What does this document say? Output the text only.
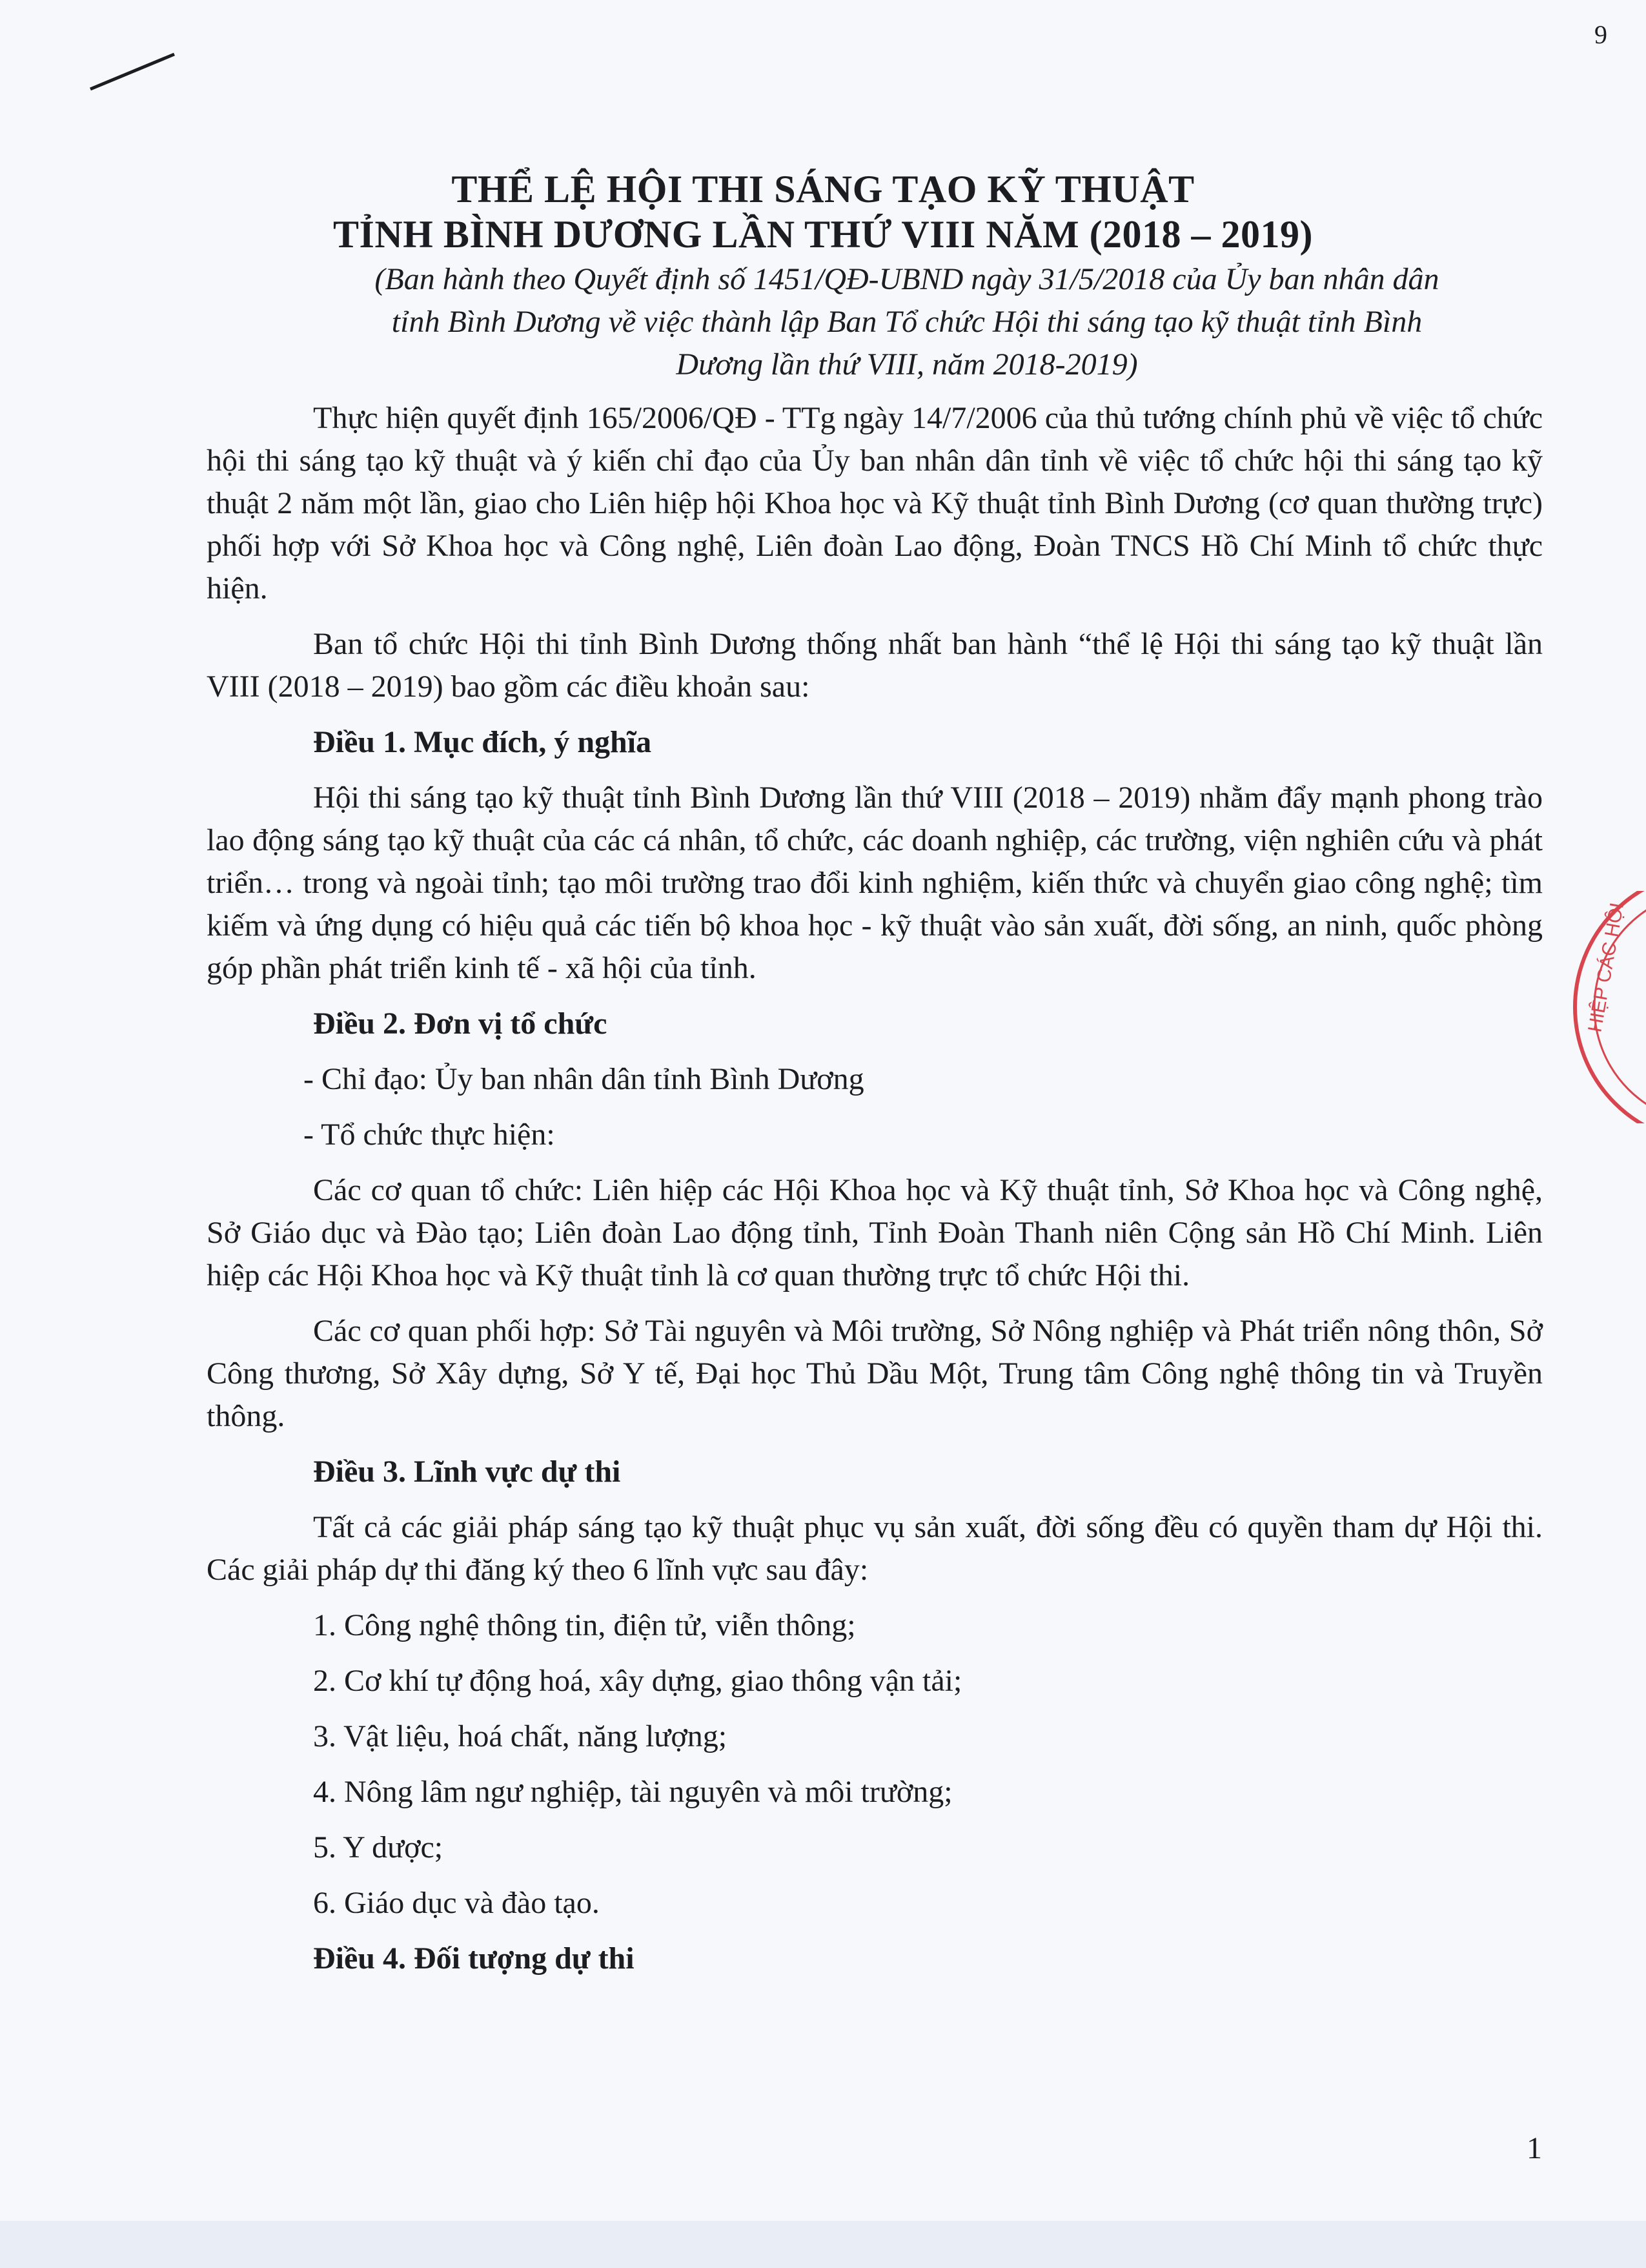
9

THỂ LỆ HỘI THI SÁNG TẠO KỸ THUẬT

TỈNH BÌNH DƯƠNG LẦN THỨ VIII NĂM (2018 – 2019)

(Ban hành theo Quyết định số 1451/QĐ-UBND ngày 31/5/2018 của Ủy ban nhân dân
tỉnh Bình Dương về việc thành lập Ban Tổ chức Hội thi sáng tạo kỹ thuật tỉnh Bình
Dương lần thứ VIII, năm 2018-2019)

Thực hiện quyết định 165/2006/QĐ - TTg ngày 14/7/2006 của thủ tướng chính phủ về việc tổ chức hội thi sáng tạo kỹ thuật và ý kiến chỉ đạo của Ủy ban nhân dân tỉnh về việc tổ chức hội thi sáng tạo kỹ thuật 2 năm một lần, giao cho Liên hiệp hội Khoa học và Kỹ thuật tỉnh Bình Dương (cơ quan thường trực) phối hợp với Sở Khoa học và Công nghệ, Liên đoàn Lao động, Đoàn TNCS Hồ Chí Minh tổ chức thực hiện.

Ban tổ chức Hội thi tỉnh Bình Dương thống nhất ban hành “thể lệ Hội thi sáng tạo kỹ thuật lần VIII (2018 – 2019) bao gồm các điều khoản sau:

Điều 1. Mục đích, ý nghĩa

Hội thi sáng tạo kỹ thuật tỉnh Bình Dương lần thứ VIII (2018 – 2019) nhằm đẩy mạnh phong trào lao động sáng tạo kỹ thuật của các cá nhân, tổ chức, các doanh nghiệp, các trường, viện nghiên cứu và phát triển… trong và ngoài tỉnh; tạo môi trường trao đổi kinh nghiệm, kiến thức và chuyển giao công nghệ; tìm kiếm và ứng dụng có hiệu quả các tiến bộ khoa học - kỹ thuật vào sản xuất, đời sống, an ninh, quốc phòng góp phần phát triển kinh tế - xã hội của tỉnh.

Điều 2. Đơn vị tổ chức

- Chỉ đạo: Ủy ban nhân dân tỉnh Bình Dương

- Tổ chức thực hiện:

Các cơ quan tổ chức: Liên hiệp các Hội Khoa học và Kỹ thuật tỉnh, Sở Khoa học và Công nghệ, Sở Giáo dục và Đào tạo; Liên đoàn Lao động tỉnh, Tỉnh Đoàn Thanh niên Cộng sản Hồ Chí Minh. Liên hiệp các Hội Khoa học và Kỹ thuật tỉnh là cơ quan thường trực tổ chức Hội thi.

Các cơ quan phối hợp: Sở Tài nguyên và Môi trường, Sở Nông nghiệp và Phát triển nông thôn, Sở Công thương, Sở Xây dựng, Sở Y tế, Đại học Thủ Dầu Một, Trung tâm Công nghệ thông tin và Truyền thông.

Điều 3. Lĩnh vực dự thi

Tất cả các giải pháp sáng tạo kỹ thuật phục vụ sản xuất, đời sống đều có quyền tham dự Hội thi. Các giải pháp dự thi đăng ký theo 6 lĩnh vực sau đây:

1. Công nghệ thông tin, điện tử, viễn thông;

2. Cơ khí tự động hoá, xây dựng, giao thông vận tải;

3. Vật liệu, hoá chất, năng lượng;

4. Nông lâm ngư nghiệp, tài nguyên và môi trường;

5. Y dược;

6. Giáo dục và đào tạo.

Điều 4. Đối tượng dự thi

HIỆP CÁC HỘI
1
